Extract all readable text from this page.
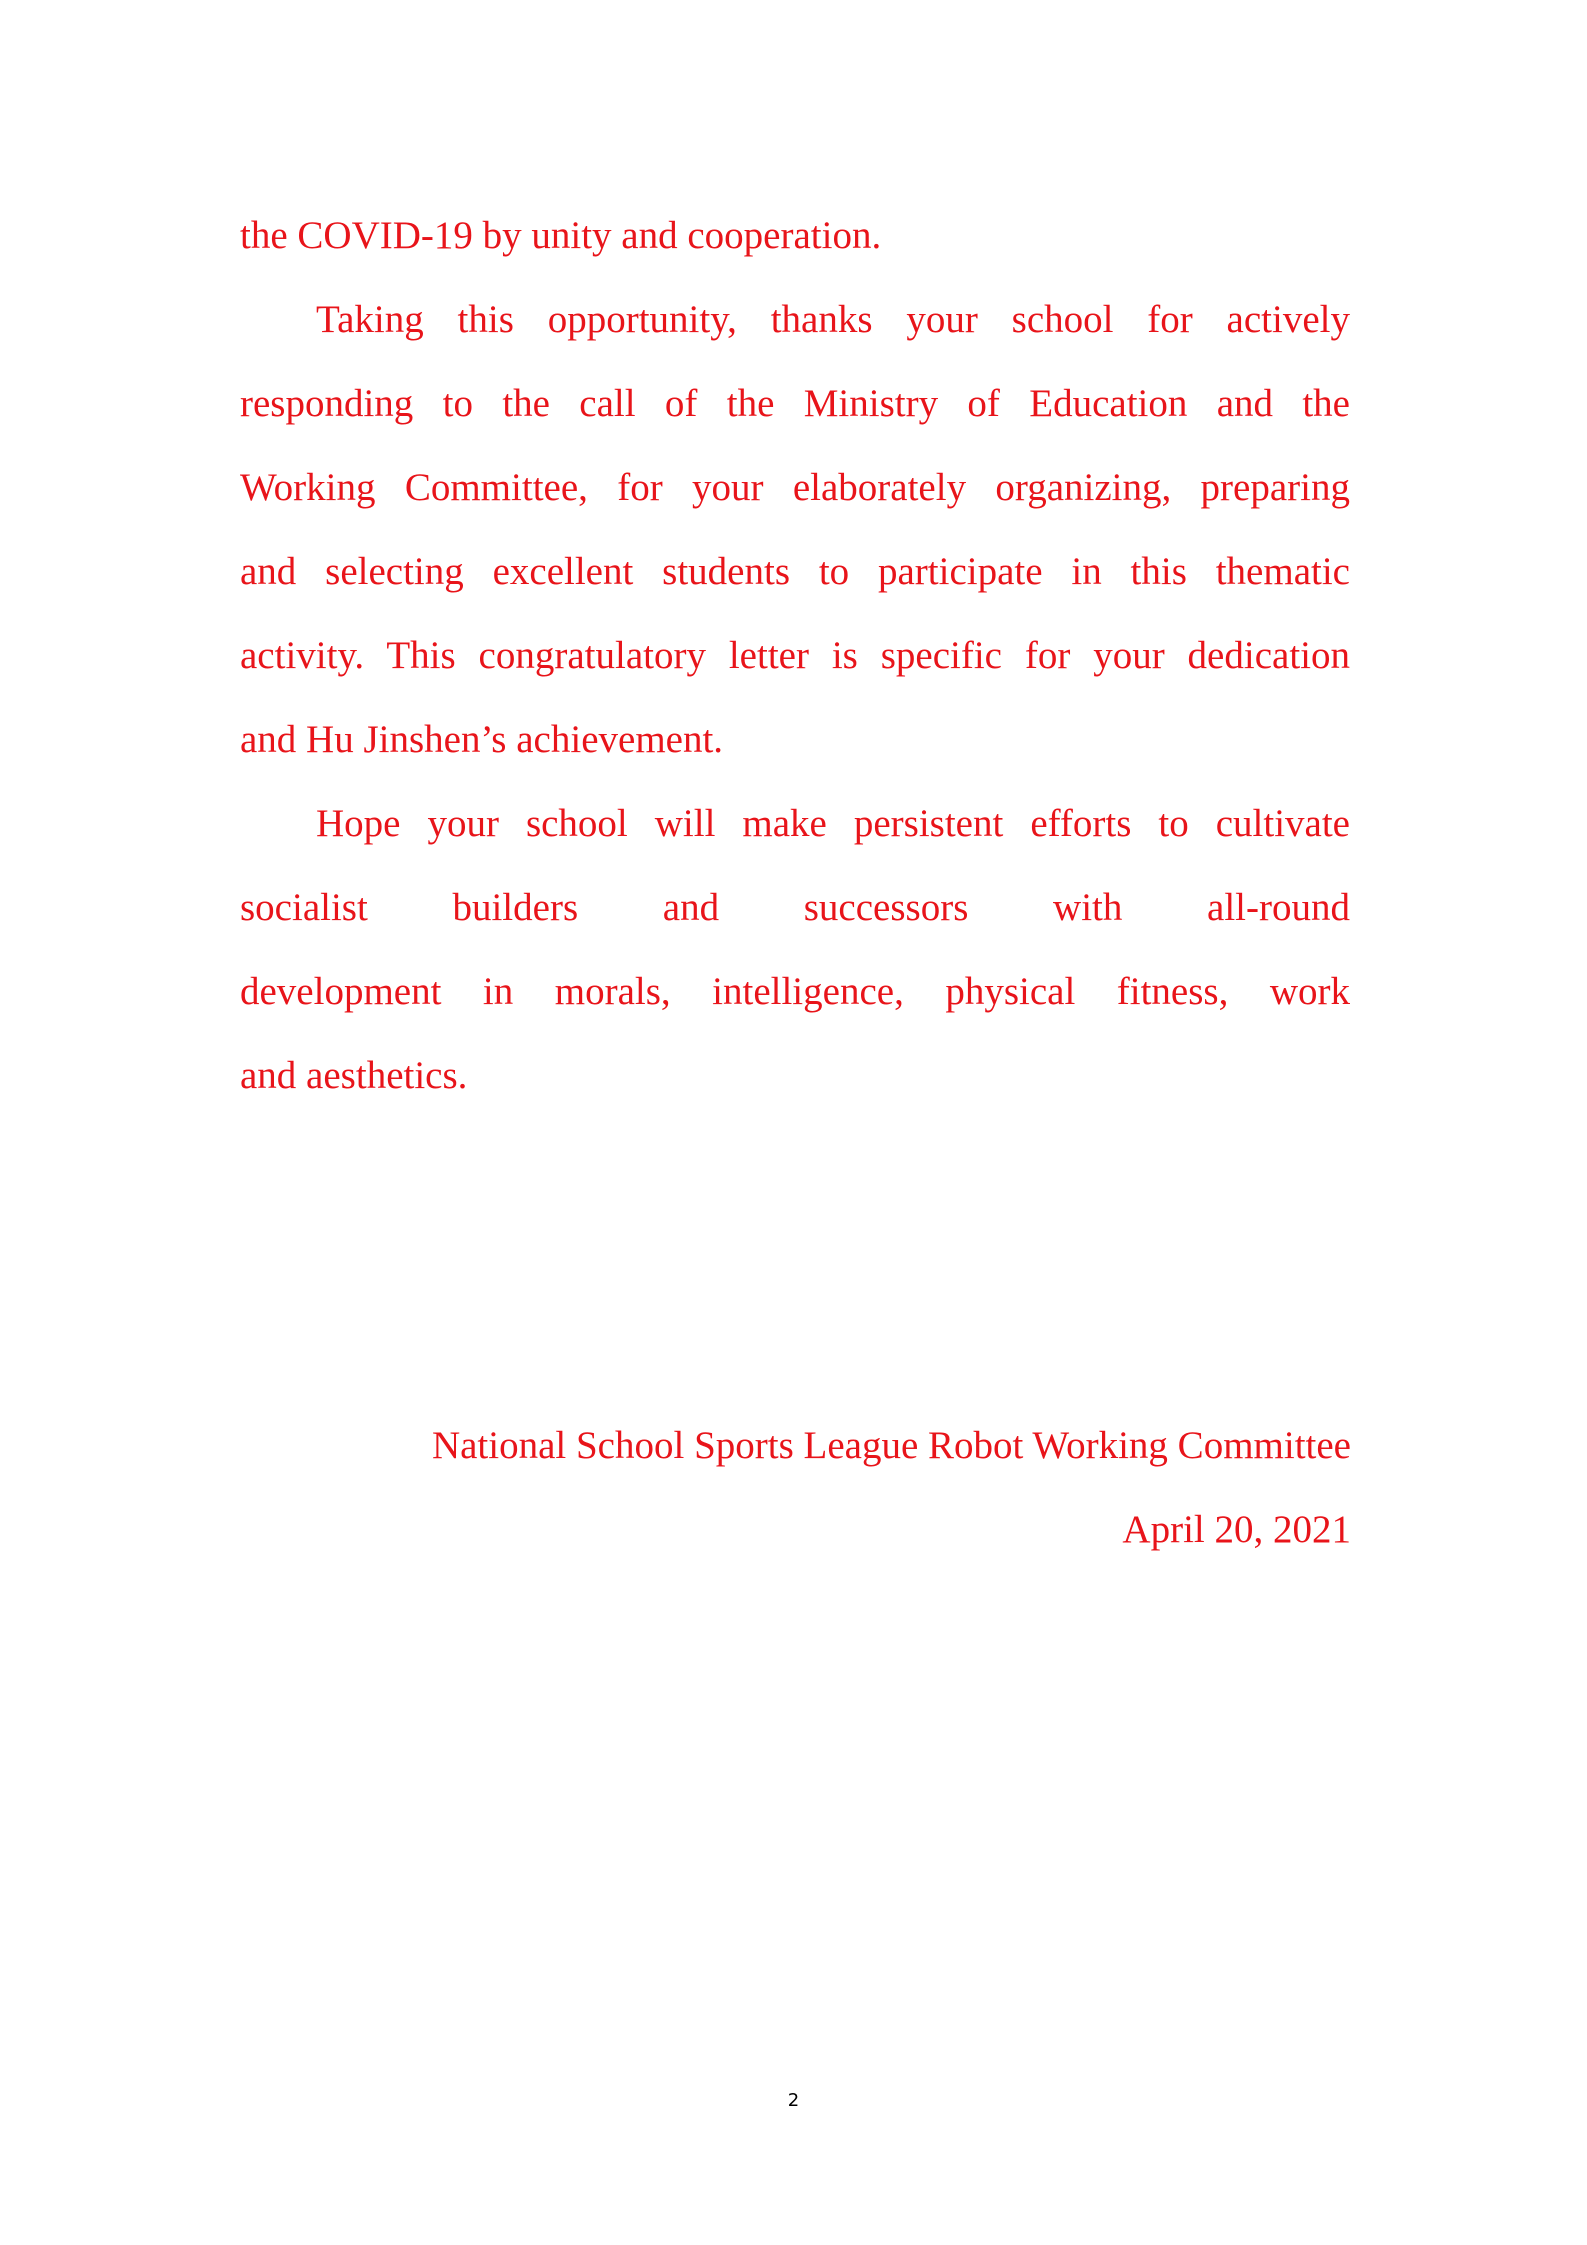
the COVID-19 by unity and cooperation.
Taking this opportunity, thanks your school for actively
responding to the call of the Ministry of Education and the
Working Committee, for your elaborately organizing, preparing
and selecting excellent students to participate in this thematic
activity. This congratulatory letter is specific for your dedication
and Hu Jinshen’s achievement.
Hope your school will make persistent efforts to cultivate
socialist builders and successors with all-round
development in morals, intelligence, physical fitness, work
and aesthetics.
National School Sports League Robot Working Committee
April 20, 2021
2
